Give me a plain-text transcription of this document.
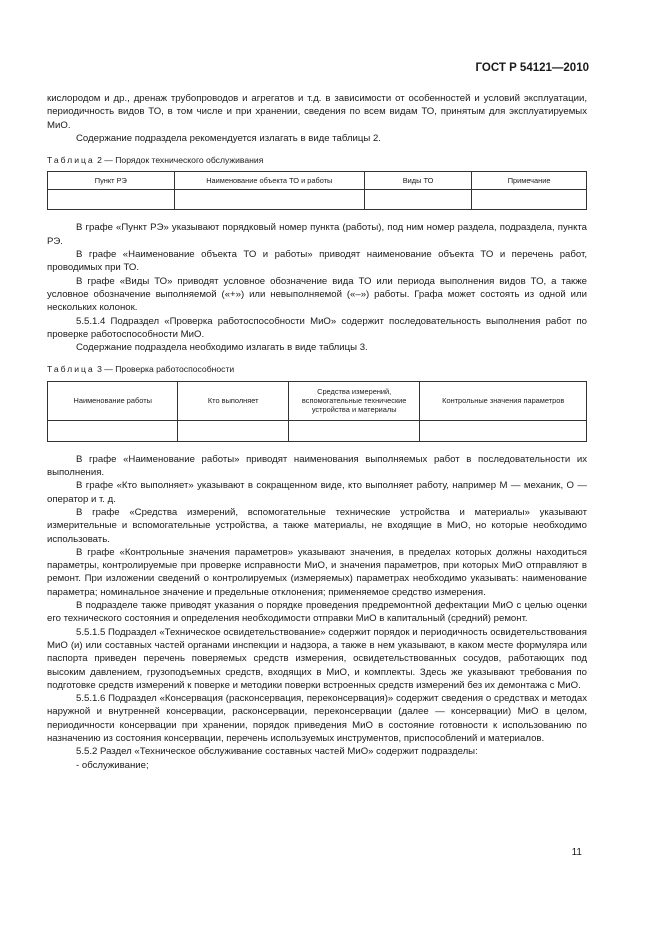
ГОСТ Р 54121—2010

кислородом и др., дренаж трубопроводов и агрегатов и т.д. в зависимости от особенностей и условий эксплуатации, периодичность видов ТО, в том числе и при хранении, сведения по всем видам ТО, принятым для эксплуатируемых МиО.

Содержание подраздела рекомендуется излагать в виде таблицы 2.

Таблица 2 — Порядок технического обслуживания

Пункт РЭ	Наименование объекта ТО и работы	Виды ТО	Примечание

В графе «Пункт РЭ» указывают порядковый номер пункта (работы), под ним номер раздела, подраздела, пункта РЭ.

В графе «Наименование объекта ТО и работы» приводят наименование объекта ТО и перечень работ, проводимых при ТО.

В графе «Виды ТО» приводят условное обозначение вида ТО или периода выполнения видов ТО, а также условное обозначение выполняемой («+») или невыполняемой («–») работы. Графа может состоять из одной или нескольких колонок.

5.5.1.4 Подраздел «Проверка работоспособности МиО» содержит последовательность выполнения работ по проверке работоспособности МиО.

Содержание подраздела необходимо излагать в виде таблицы 3.

Таблица 3 — Проверка работоспособности

Наименование работы	Кто выполняет	Средства измерений, вспомогательные технические устройства и материалы	Контрольные значения параметров

В графе «Наименование работы» приводят наименования выполняемых работ в последовательности их выполнения.

В графе «Кто выполняет» указывают в сокращенном виде, кто выполняет работу, например М — механик, О — оператор и т. д.

В графе «Средства измерений, вспомогательные технические устройства и материалы» указывают измерительные и вспомогательные устройства, а также материалы, не входящие в МиО, но которые необходимо использовать.

В графе «Контрольные значения параметров» указывают значения, в пределах которых должны находиться параметры, контролируемые при проверке исправности МиО, и значения параметров, при которых МиО отправляют в ремонт. При изложении сведений о контролируемых (измеряемых) параметрах необходимо указывать: наименование параметра; номинальное значение и предельные отклонения; применяемое средство измерения.

В подразделе также приводят указания о порядке проведения предремонтной дефектации МиО с целью оценки его технического состояния и определения необходимости отправки МиО в капитальный (средний) ремонт.

5.5.1.5 Подраздел «Техническое освидетельствование» содержит порядок и периодичность освидетельствования МиО (и) или составных частей органами инспекции и надзора, а также в нем указывают, в каком месте формуляра или паспорта приведен перечень поверяемых средств измерения, освидетельствованных сосудов, работающих под высоким давлением, грузоподъемных средств, входящих в МиО, и комплекты. Здесь же указывают требования по подготовке средств измерений к поверке и методики поверки встроенных средств измерений без их демонтажа с МиО.

5.5.1.6 Подраздел «Консервация (расконсервация, переконсервация)» содержит сведения о средствах и методах наружной и внутренней консервации, расконсервации, переконсервации (далее — консервации) МиО в целом, периодичности консервации при хранении, порядок приведения МиО в состояние готовности к использованию по назначению из состояния консервации, перечень используемых инструментов, приспособлений и материалов.

5.5.2 Раздел «Техническое обслуживание составных частей МиО» содержит подразделы:

- обслуживание;

11
